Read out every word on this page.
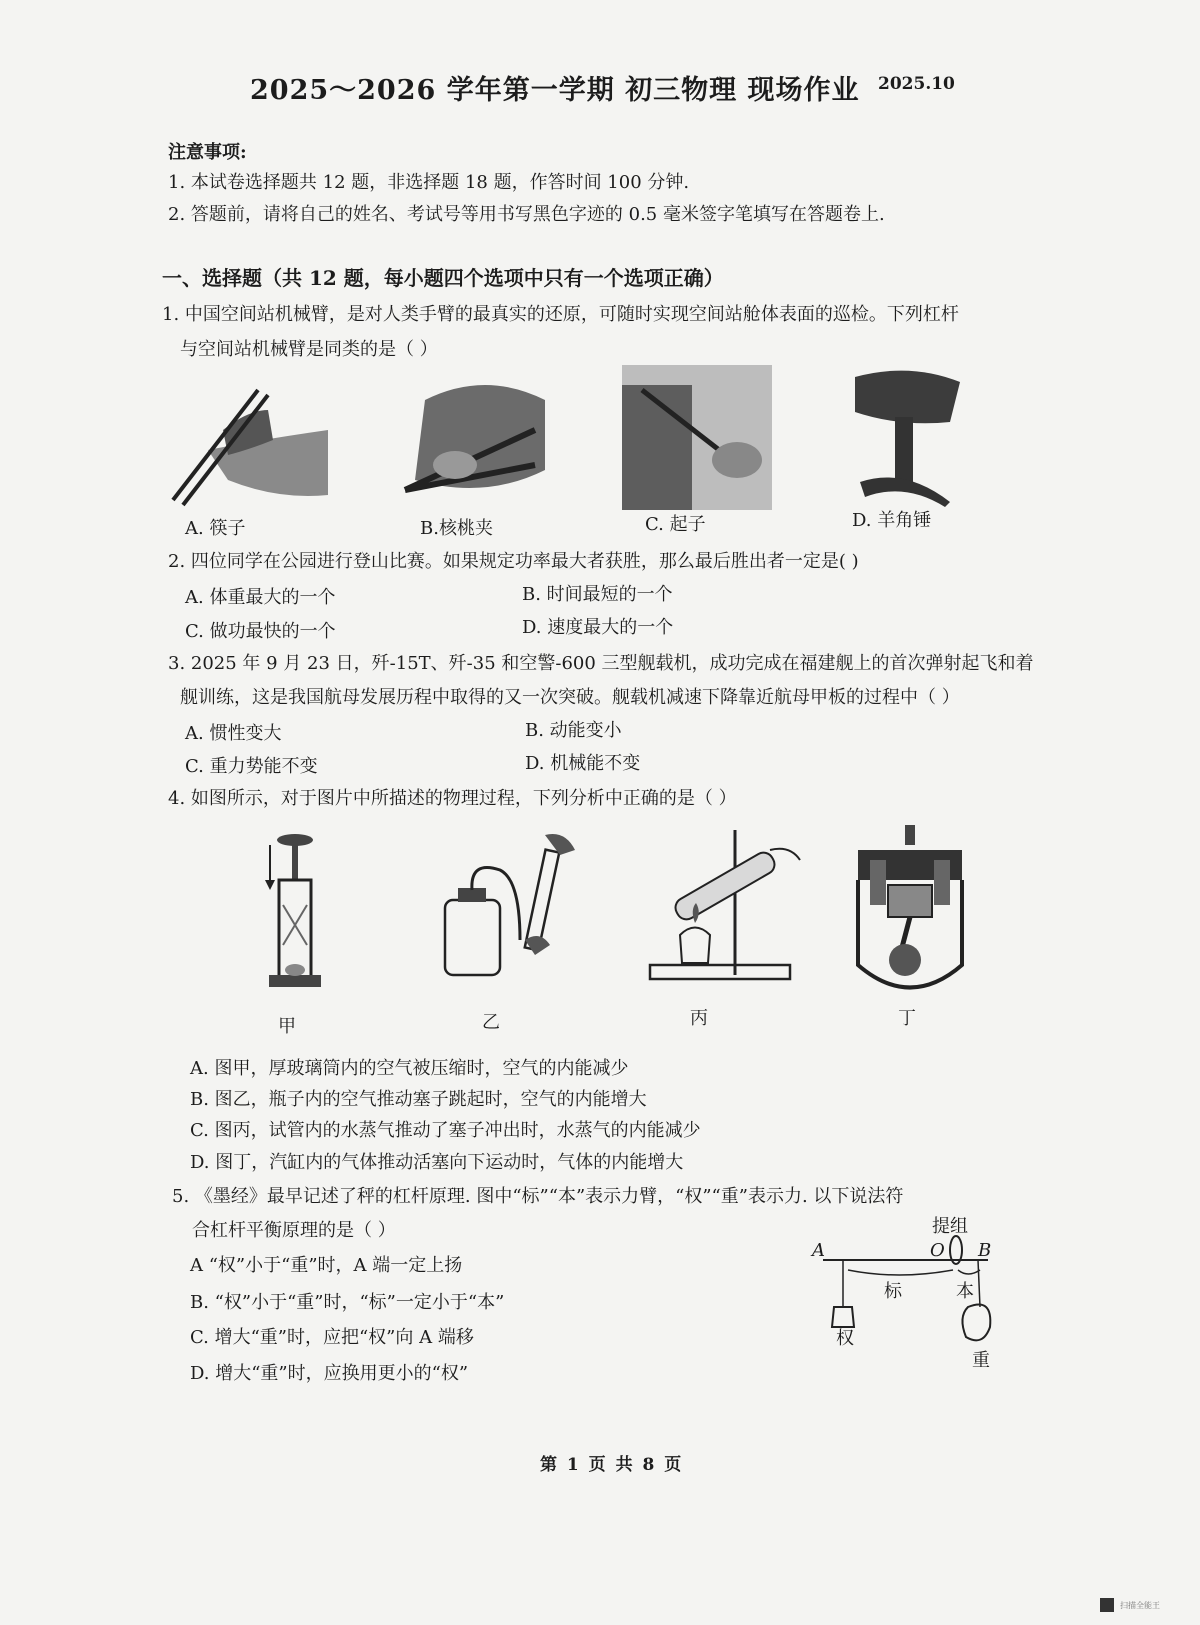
2025～2026 学年第一学期 初三物理 现场作业 2025.10
注意事项:
1. 本试卷选择题共 12 题，非选择题 18 题，作答时间 100 分钟.
2. 答题前，请将自己的姓名、考试号等用书写黑色字迹的 0.5 毫米签字笔填写在答题卷上.
一、选择题（共 12 题，每小题四个选项中只有一个选项正确）
1. 中国空间站机械臂，是对人类手臂的最真实的还原，可随时实现空间站舱体表面的巡检。下列杠杆
与空间站机械臂是同类的是（ ）
A. 筷子	B.核桃夹	C. 起子	D. 羊角锤
2. 四位同学在公园进行登山比赛。如果规定功率最大者获胜，那么最后胜出者一定是( )
A. 体重最大的一个	B. 时间最短的一个
C. 做功最快的一个	D. 速度最大的一个
3. 2025 年 9 月 23 日，歼-15T、歼-35 和空警-600 三型舰载机，成功完成在福建舰上的首次弹射起飞和着
舰训练，这是我国航母发展历程中取得的又一次突破。舰载机减速下降靠近航母甲板的过程中（ ）
A. 惯性变大	B. 动能变小
C. 重力势能不变	D. 机械能不变
4. 如图所示，对于图片中所描述的物理过程，下列分析中正确的是（ ）
甲	乙	丙	丁
A. 图甲，厚玻璃筒内的空气被压缩时，空气的内能减少
B. 图乙，瓶子内的空气推动塞子跳起时，空气的内能增大
C. 图丙，试管内的水蒸气推动了塞子冲出时，水蒸气的内能减少
D. 图丁，汽缸内的气体推动活塞向下运动时，气体的内能增大
5. 《墨经》最早记述了秤的杠杆原理. 图中“标”“本”表示力臂，“权”“重”表示力. 以下说法符
合杠杆平衡原理的是（ ）
A “权”小于“重”时，A 端一定上扬
B. “权”小于“重”时，“标”一定小于“本”
C. 增大“重”时，应把“权”向 A 端移
D. 增大“重”时，应换用更小的“权”
提组
A	O B
标	本
权
重
第 1 页 共 8 页
扫描全能王
